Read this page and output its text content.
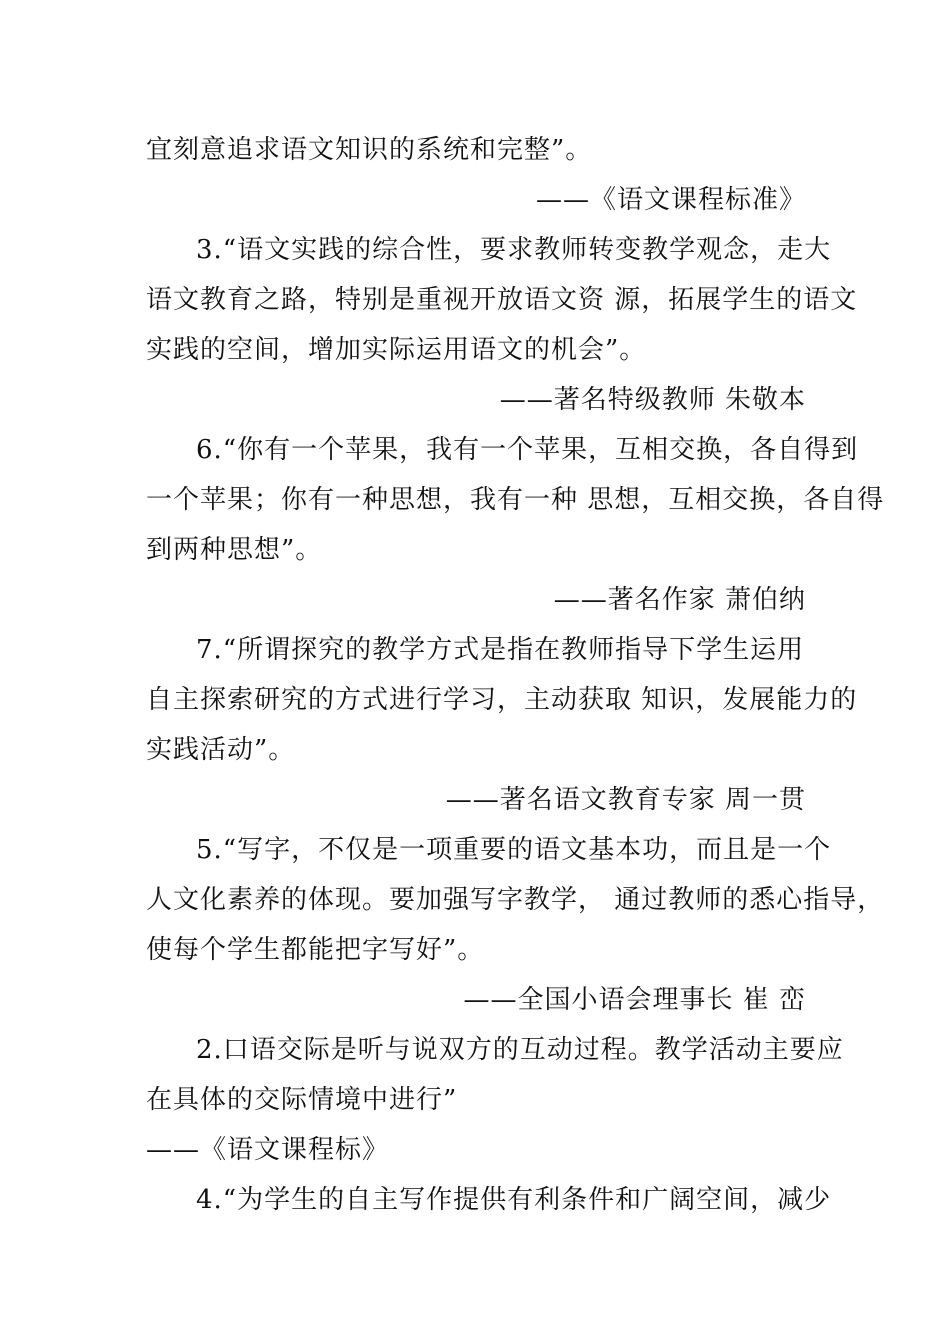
宜刻意追求语文知识的系统和完整”。
——《语文课程标准》
3.“语文实践的综合性，要求教师转变教学观念，走大
语文教育之路，特别是重视开放语文资 源，拓展学生的语文
实践的空间，增加实际运用语文的机会”。
——著名特级教师 朱敬本
6.“你有一个苹果，我有一个苹果，互相交换，各自得到
一个苹果；你有一种思想，我有一种 思想，互相交换，各自得
到两种思想”。
——著名作家 萧伯纳
7.“所谓探究的教学方式是指在教师指导下学生运用
自主探索研究的方式进行学习，主动获取 知识，发展能力的
实践活动”。
——著名语文教育专家 周一贯
5.“写字，不仅是一项重要的语文基本功，而且是一个
人文化素养的体现。要加强写字教学， 通过教师的悉心指导，
使每个学生都能把字写好”。
——全国小语会理事长 崔 峦
2.口语交际是听与说双方的互动过程。教学活动主要应
在具体的交际情境中进行”
——《语文课程标》
4.“为学生的自主写作提供有利条件和广阔空间，减少
